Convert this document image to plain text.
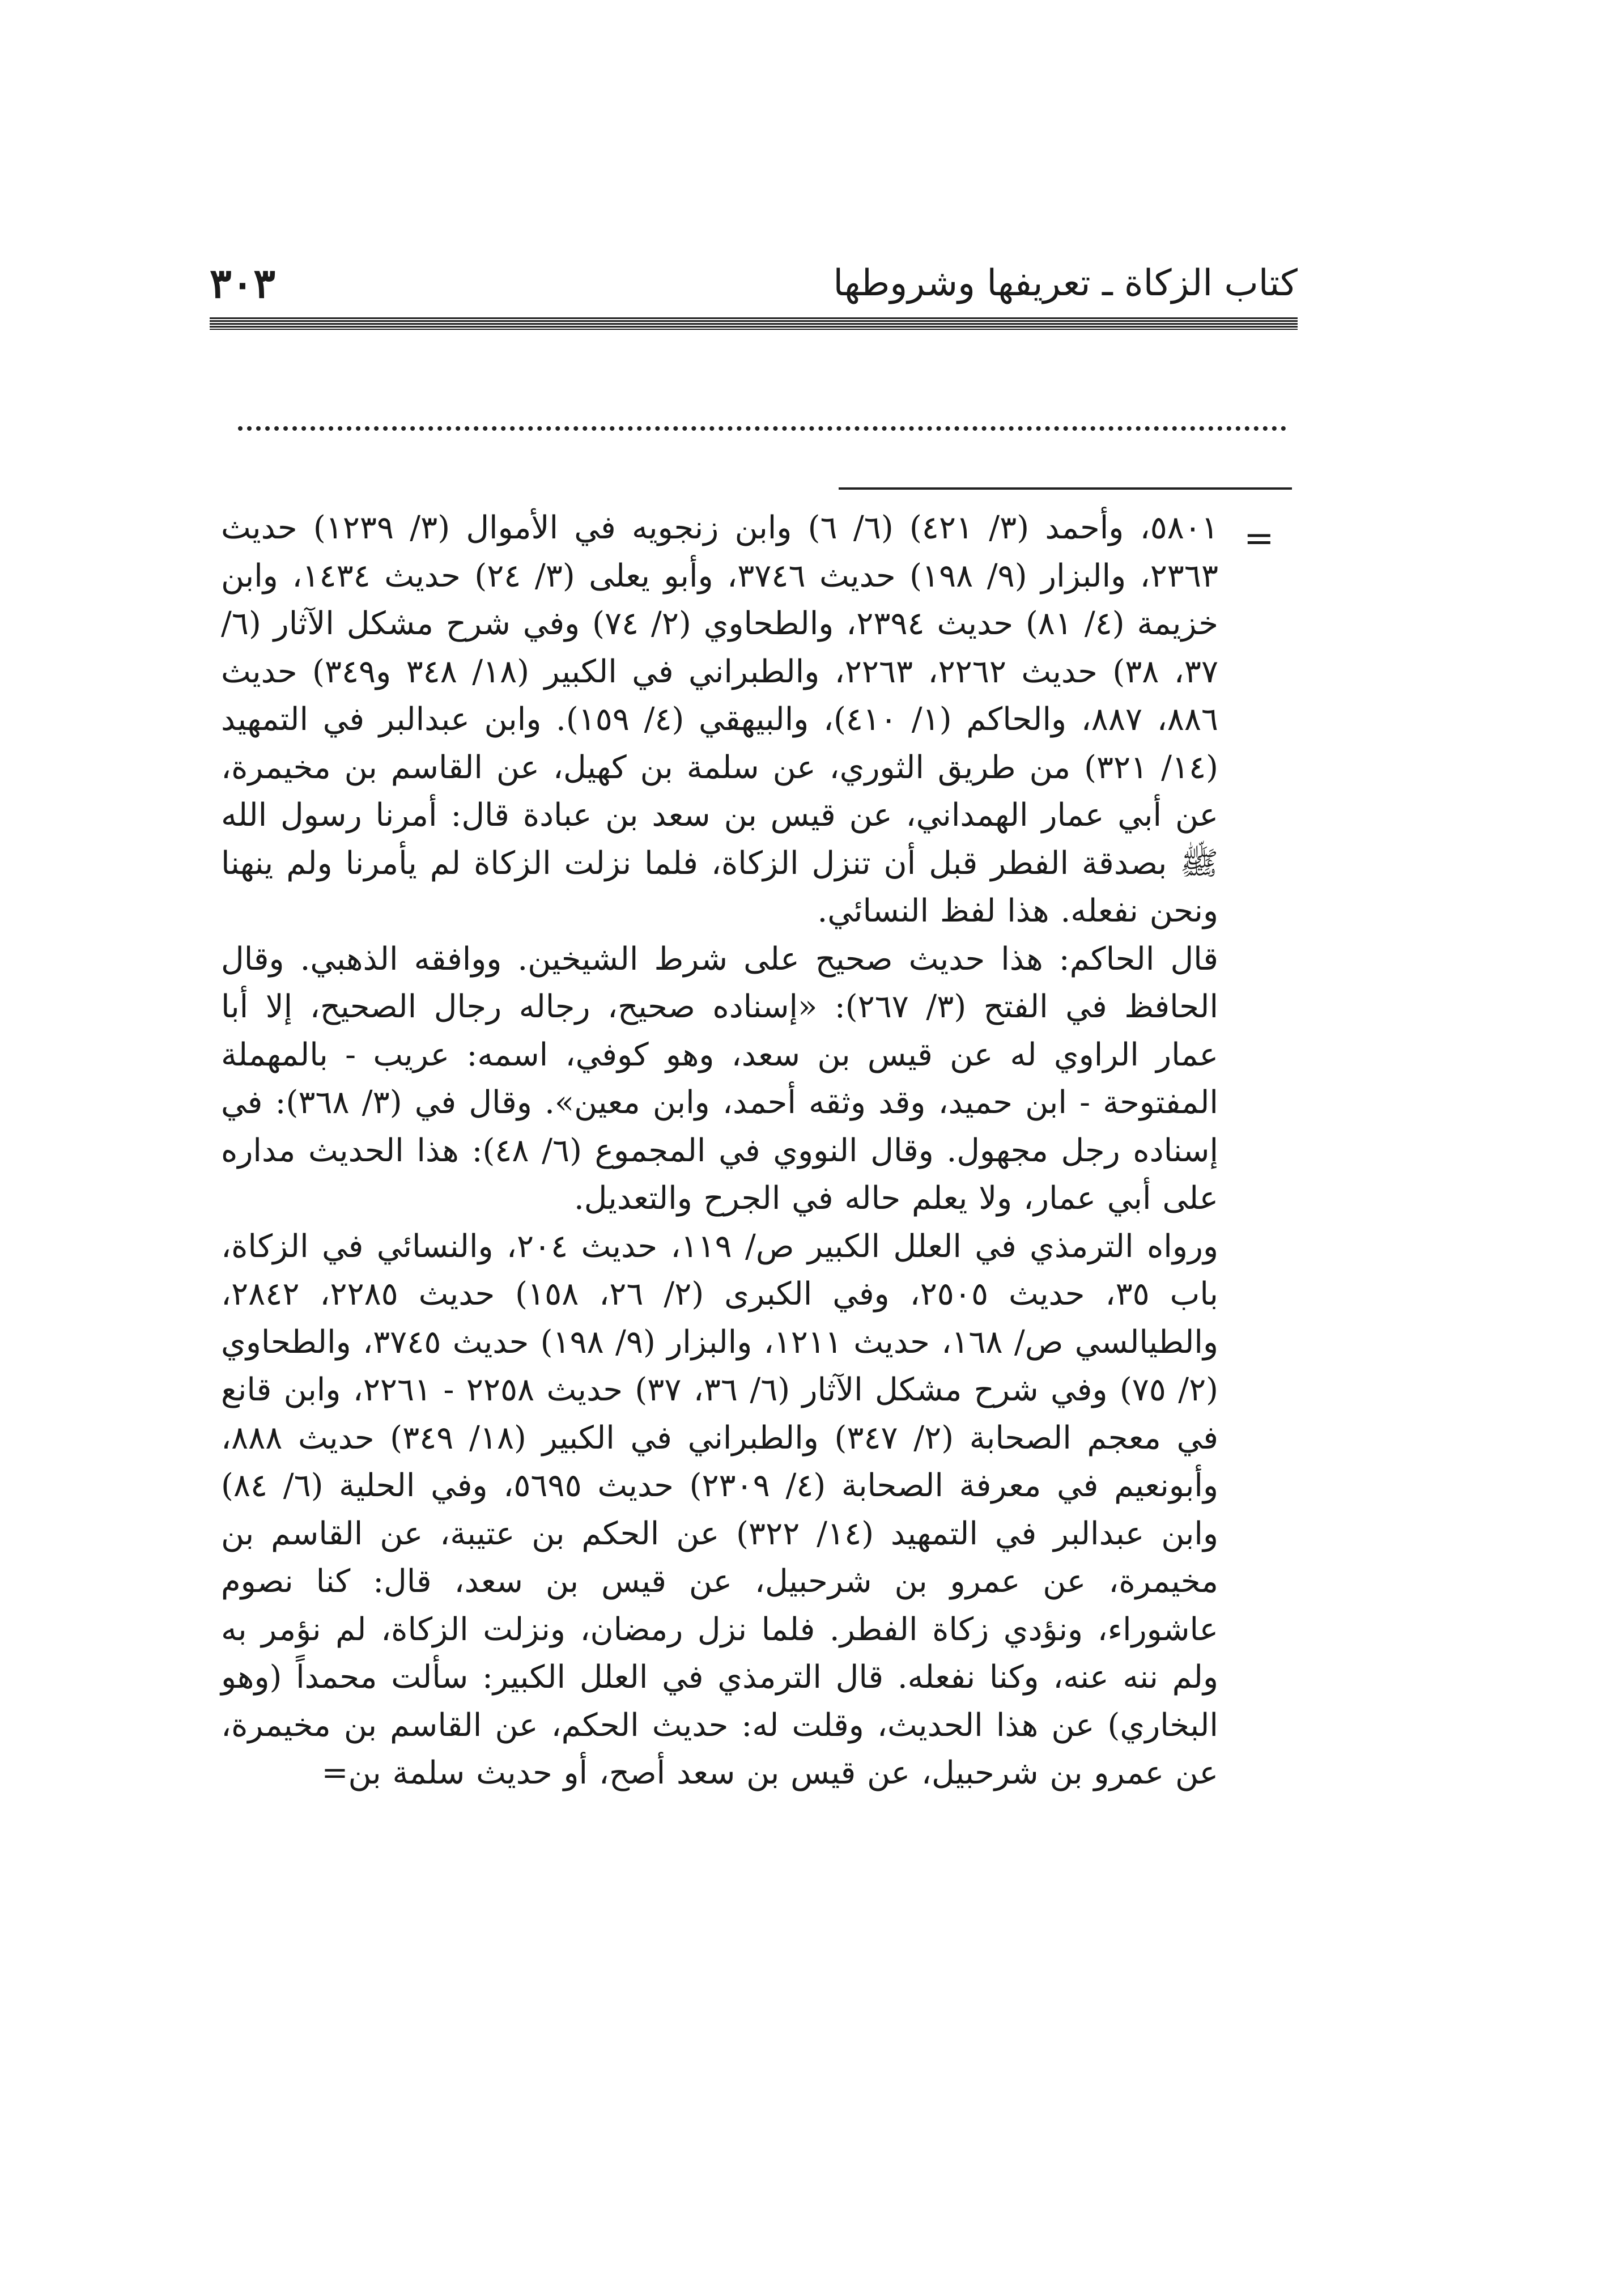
٣٠٣	كتاب الزكاة ـ تعريفها وشروطها
=

٥٨٠١، وأحمد (٣/ ٤٢١) (٦/ ٦) وابن زنجويه في الأموال (٣/ ١٢٣٩) حديث ٢٣٦٣، والبزار (٩/ ١٩٨) حديث ٣٧٤٦، وأبو يعلى (٣/ ٢٤) حديث ١٤٣٤، وابن خزيمة (٤/ ٨١) حديث ٢٣٩٤، والطحاوي (٢/ ٧٤) وفي شرح مشكل الآثار (٦/ ٣٧، ٣٨) حديث ٢٢٦٢، ٢٢٦٣، والطبراني في الكبير (١٨/ ٣٤٨ و٣٤٩) حديث ٨٨٦، ٨٨٧، والحاكم (١/ ٤١٠)، والبيهقي (٤/ ١٥٩). وابن عبدالبر في التمهيد (١٤/ ٣٢١) من طريق الثوري، عن سلمة بن كهيل، عن القاسم بن مخيمرة، عن أبي عمار الهمداني، عن قيس بن سعد بن عبادة قال: أمرنا رسول الله ﷺ بصدقة الفطر قبل أن تنزل الزكاة، فلما نزلت الزكاة لم يأمرنا ولم ينهنا ونحن نفعله. هذا لفظ النسائي.

قال الحاكم: هذا حديث صحيح على شرط الشيخين. ووافقه الذهبي. وقال الحافظ في الفتح (٣/ ٢٦٧): «إسناده صحيح، رجاله رجال الصحيح، إلا أبا عمار الراوي له عن قيس بن سعد، وهو كوفي، اسمه: عريب - بالمهملة المفتوحة - ابن حميد، وقد وثقه أحمد، وابن معين». وقال في (٣/ ٣٦٨): في إسناده رجل مجهول. وقال النووي في المجموع (٦/ ٤٨): هذا الحديث مداره على أبي عمار، ولا يعلم حاله في الجرح والتعديل.

ورواه الترمذي في العلل الكبير ص/ ١١٩، حديث ٢٠٤، والنسائي في الزكاة، باب ٣٥، حديث ٢٥٠٥، وفي الكبرى (٢/ ٢٦، ١٥٨) حديث ٢٢٨٥، ٢٨٤٢، والطيالسي ص/ ١٦٨، حديث ١٢١١، والبزار (٩/ ١٩٨) حديث ٣٧٤٥، والطحاوي (٢/ ٧٥) وفي شرح مشكل الآثار (٦/ ٣٦، ٣٧) حديث ٢٢٥٨ - ٢٢٦١، وابن قانع في معجم الصحابة (٢/ ٣٤٧) والطبراني في الكبير (١٨/ ٣٤٩) حديث ٨٨٨، وأبونعيم في معرفة الصحابة (٤/ ٢٣٠٩) حديث ٥٦٩٥، وفي الحلية (٦/ ٨٤) وابن عبدالبر في التمهيد (١٤/ ٣٢٢) عن الحكم بن عتيبة، عن القاسم بن مخيمرة، عن عمرو بن شرحبيل، عن قيس بن سعد، قال: كنا نصوم عاشوراء، ونؤدي زكاة الفطر. فلما نزل رمضان، ونزلت الزكاة، لم نؤمر به ولم ننه عنه، وكنا نفعله. قال الترمذي في العلل الكبير: سألت محمداً (وهو البخاري) عن هذا الحديث، وقلت له: حديث الحكم، عن القاسم بن مخيمرة، عن عمرو بن شرحبيل، عن قيس بن سعد أصح، أو حديث سلمة بن=
